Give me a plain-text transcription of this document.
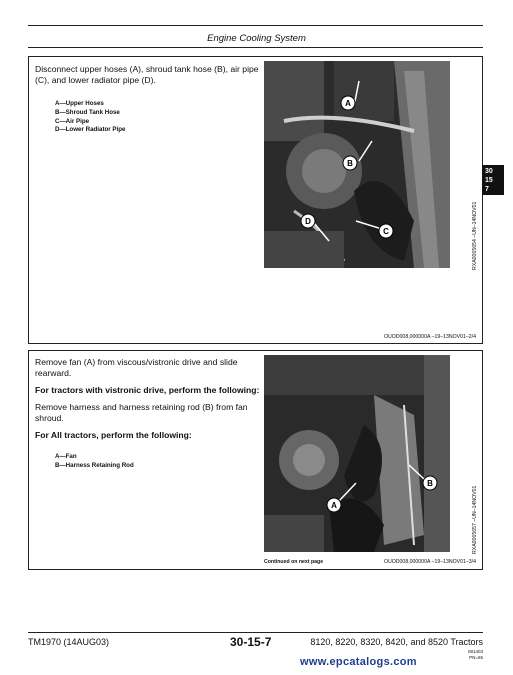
Engine Cooling System

Disconnect upper hoses (A), shroud tank hose (B), air pipe (C), and lower radiator pipe (D).

A—Upper Hoses
B—Shroud Tank Hose
C—Air Pipe
D—Lower Radiator Pipe
A
B
C
D	RXA0065654 –UN–14NOV01
OUOD008,000000A –19–13NOV01–2/4
30
15
7

Remove fan (A) from viscous/vistronic drive and slide rearward.

For tractors with vistronic drive, perform the following:

Remove harness and harness retaining rod (B) from fan shroud.

For All tractors, perform the following:

A—Fan
B—Harness Retaining Rod
A
B
RXA0065657 –UN–14NOV01
Continued on next page	OUOD008,000000A –19–13NOV01–3/4
TM1970 (14AUG03)	30-15-7	8120, 8220, 8320, 8420, and 8520 Tractors
081403
PN=65
www.epcatalogs.com
